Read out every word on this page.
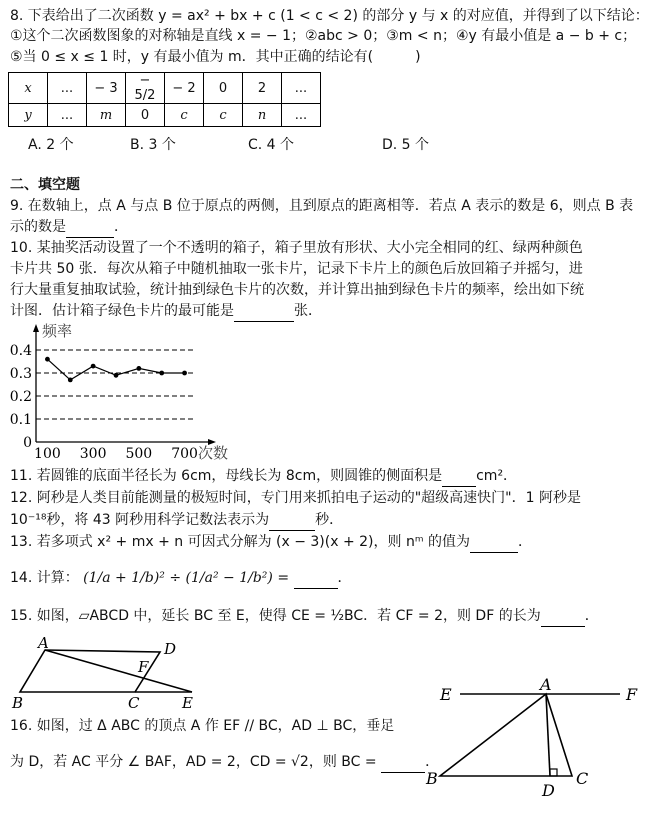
8. 下表给出了二次函数 y = ax² + bx + c (1 < c < 2) 的部分 y 与 x 的对应值，并得到了以下结论：
①这个二次函数图象的对称轴是直线 x = − 1；②abc > 0；③m < n；④y 有最小值是 a − b + c；
⑤当 0 ≤ x ≤ 1 时，y 有最小值为 m．其中正确的结论有(　　　)
x	...	− 3	− 5/2	− 2	0	2	...
y	...	m	0	c	c	n	...
A. 2 个	B. 3 个	C. 4 个	D. 5 个
二、填空题
9. 在数轴上，点 A 与点 B 位于原点的两侧，且到原点的距离相等．若点 A 表示的数是 6，则点 B 表
示的数是	．
10. 某抽奖活动设置了一个不透明的箱子，箱子里放有形状、大小完全相同的红、绿两种颜色
卡片共 50 张．每次从箱子中随机抽取一张卡片，记录下卡片上的颜色后放回箱子并摇匀，进
行大量重复抽取试验，统计抽到绿色卡片的次数，并计算出抽到绿色卡片的频率，绘出如下统
计图．估计箱子绿色卡片的最可能是	张．
0
0.1
0.2
0.3
0.4
100 300 500 700
频率
次数
11. 若圆锥的底面半径长为 6cm，母线长为 8cm，则圆锥的侧面积是 cm²．
12. 阿秒是人类目前能测量的极短时间，专门用来抓拍电子运动的"超级高速快门"．1 阿秒是
10⁻¹⁸秒，将 43 阿秒用科学记数法表示为	秒．
13. 若多项式 x² + mx + n 可因式分解为 (x − 3)(x + 2)，则 nᵐ 的值为	．
14. 计算： (1/a + 1/b)² ÷ (1/a² − 1/b²) =	．
15. 如图，▱ABCD 中，延长 BC 至 E，使得 CE = ½BC．若 CF = 2，则 DF 的长为	．
A	D
B	C	E
F
16. 如图，过 Δ ABC 的顶点 A 作 EF // BC，AD ⊥ BC，垂足
为 D，若 AC 平分 ∠ BAF，AD = 2，CD = √2，则 BC =	．
E
A
F
B	C
D
